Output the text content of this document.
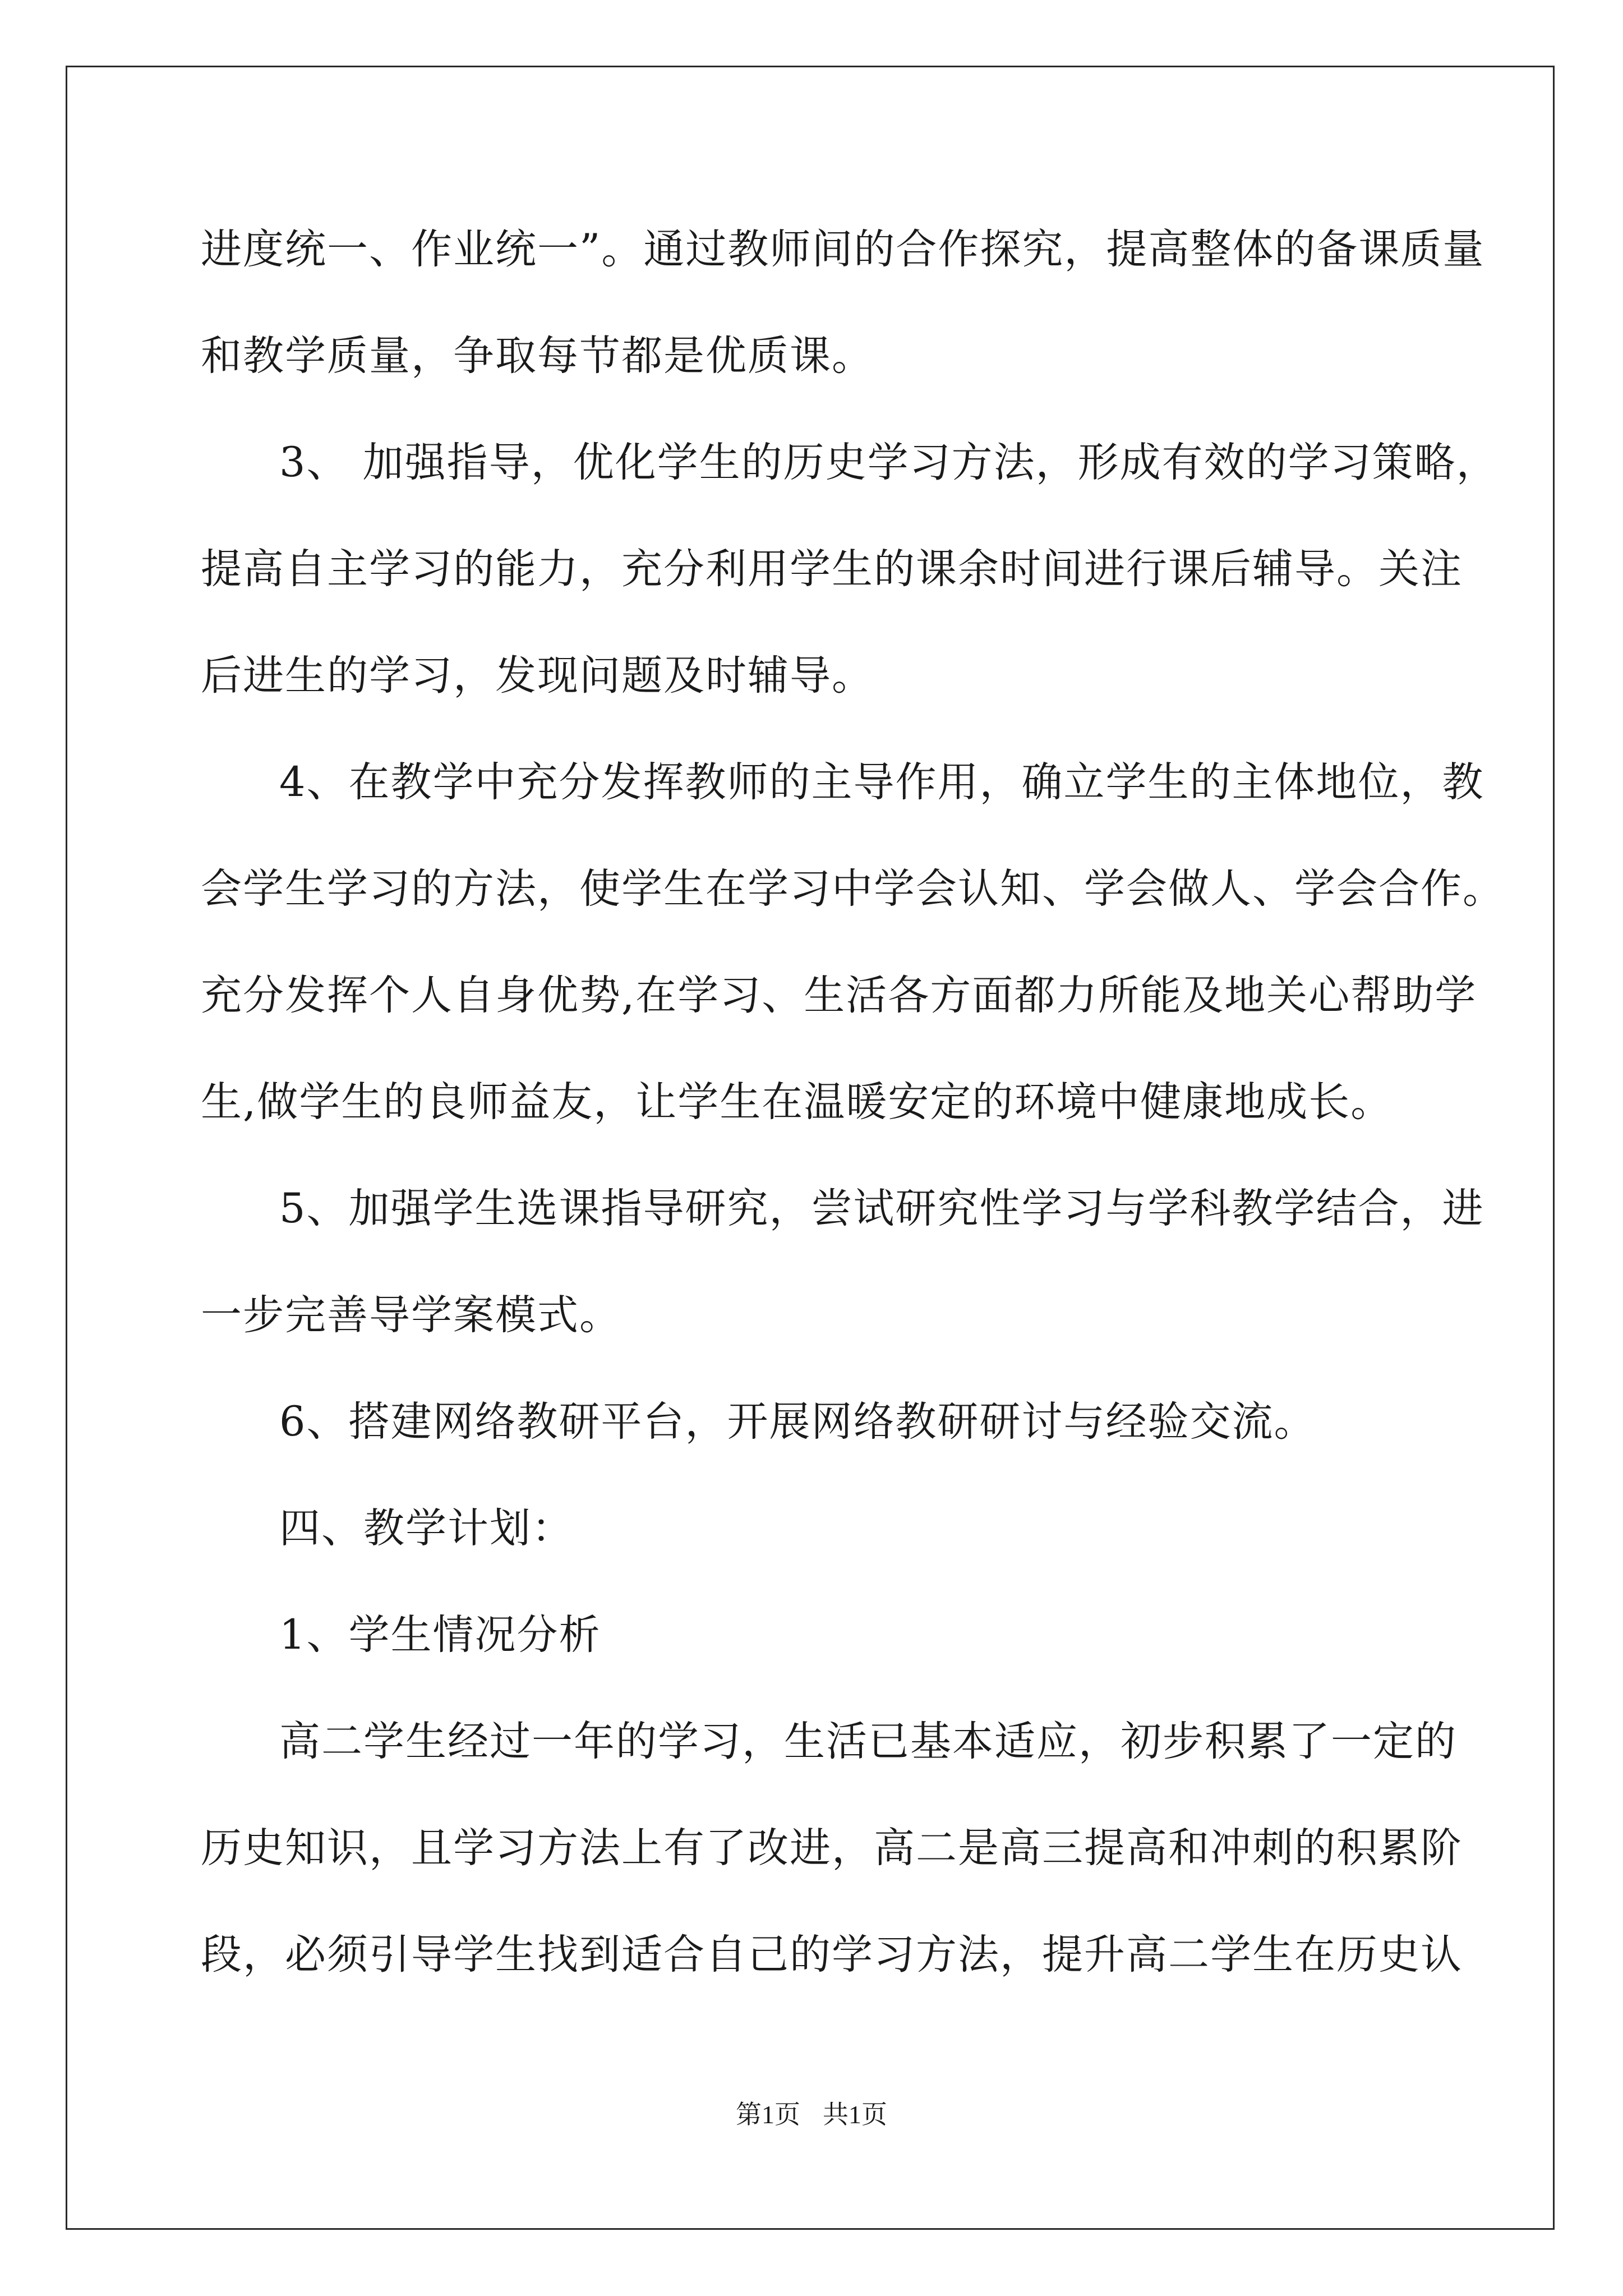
进度统一、作业统一”。通过教师间的合作探究，提高整体的备课质量
和教学质量，争取每节都是优质课。
3、 加强指导，优化学生的历史学习方法，形成有效的学习策略，
提高自主学习的能力，充分利用学生的课余时间进行课后辅导。关注
后进生的学习，发现问题及时辅导。
4、在教学中充分发挥教师的主导作用，确立学生的主体地位，教
会学生学习的方法，使学生在学习中学会认知、学会做人、学会合作。
充分发挥个人自身优势,在学习、生活各方面都力所能及地关心帮助学
生,做学生的良师益友，让学生在温暖安定的环境中健康地成长。
5、加强学生选课指导研究，尝试研究性学习与学科教学结合，进
一步完善导学案模式。
6、搭建网络教研平台，开展网络教研研讨与经验交流。
四、教学计划：
1、学生情况分析
高二学生经过一年的学习，生活已基本适应，初步积累了一定的
历史知识，且学习方法上有了改进，高二是高三提高和冲刺的积累阶
段，必须引导学生找到适合自己的学习方法，提升高二学生在历史认
第1页 共1页
